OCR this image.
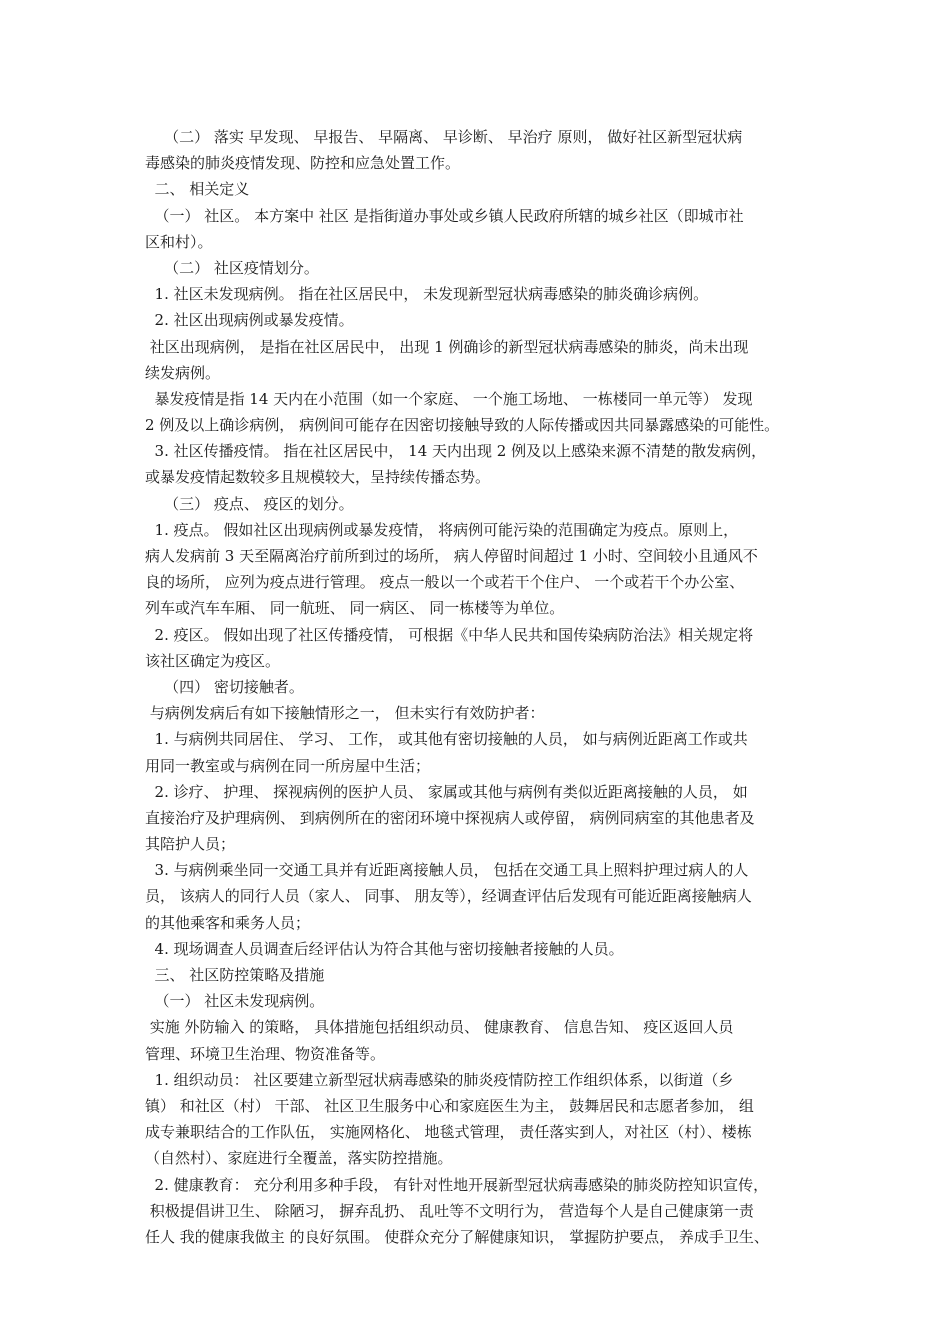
（二） 落实 早发现、 早报告、 早隔离、 早诊断、 早治疗 原则， 做好社区新型冠状病
毒感染的肺炎疫情发现、防控和应急处置工作。
二、 相关定义
（一） 社区。 本方案中 社区 是指街道办事处或乡镇人民政府所辖的城乡社区（即城市社
区和村）。
（二） 社区疫情划分。
1. 社区未发现病例。 指在社区居民中， 未发现新型冠状病毒感染的肺炎确诊病例。
2. 社区出现病例或暴发疫情。
社区出现病例， 是指在社区居民中， 出现 1 例确诊的新型冠状病毒感染的肺炎，尚未出现
续发病例。
暴发疫情是指 14 天内在小范围（如一个家庭、 一个施工场地、 一栋楼同一单元等） 发现
2 例及以上确诊病例， 病例间可能存在因密切接触导致的人际传播或因共同暴露感染的可能性。
3. 社区传播疫情。 指在社区居民中， 14 天内出现 2 例及以上感染来源不清楚的散发病例，
或暴发疫情起数较多且规模较大，呈持续传播态势。
（三） 疫点、 疫区的划分。
1. 疫点。 假如社区出现病例或暴发疫情， 将病例可能污染的范围确定为疫点。原则上，
病人发病前 3 天至隔离治疗前所到过的场所， 病人停留时间超过 1 小时、空间较小且通风不
良的场所， 应列为疫点进行管理。 疫点一般以一个或若干个住户、 一个或若干个办公室、
列车或汽车车厢、 同一航班、 同一病区、 同一栋楼等为单位。
2. 疫区。 假如出现了社区传播疫情， 可根据《中华人民共和国传染病防治法》相关规定将
该社区确定为疫区。
（四） 密切接触者。
与病例发病后有如下接触情形之一， 但未实行有效防护者：
1. 与病例共同居住、 学习、 工作， 或其他有密切接触的人员， 如与病例近距离工作或共
用同一教室或与病例在同一所房屋中生活；
2. 诊疗、 护理、 探视病例的医护人员、 家属或其他与病例有类似近距离接触的人员， 如
直接治疗及护理病例、 到病例所在的密闭环境中探视病人或停留， 病例同病室的其他患者及
其陪护人员；
3. 与病例乘坐同一交通工具并有近距离接触人员， 包括在交通工具上照料护理过病人的人
员， 该病人的同行人员（家人、 同事、 朋友等），经调查评估后发现有可能近距离接触病人
的其他乘客和乘务人员；
4. 现场调查人员调查后经评估认为符合其他与密切接触者接触的人员。
三、 社区防控策略及措施
（一） 社区未发现病例。
实施 外防输入 的策略， 具体措施包括组织动员、 健康教育、 信息告知、 疫区返回人员
管理、环境卫生治理、物资准备等。
1. 组织动员： 社区要建立新型冠状病毒感染的肺炎疫情防控工作组织体系，以街道（乡
镇） 和社区（村） 干部、 社区卫生服务中心和家庭医生为主， 鼓舞居民和志愿者参加， 组
成专兼职结合的工作队伍， 实施网格化、 地毯式管理， 责任落实到人，对社区（村）、楼栋
（自然村）、家庭进行全覆盖，落实防控措施。
2. 健康教育： 充分利用多种手段， 有针对性地开展新型冠状病毒感染的肺炎防控知识宣传，
积极提倡讲卫生、 除陋习， 摒弃乱扔、 乱吐等不文明行为， 营造每个人是自己健康第一责
任人 我的健康我做主 的良好氛围。 使群众充分了解健康知识， 掌握防护要点， 养成手卫生、
